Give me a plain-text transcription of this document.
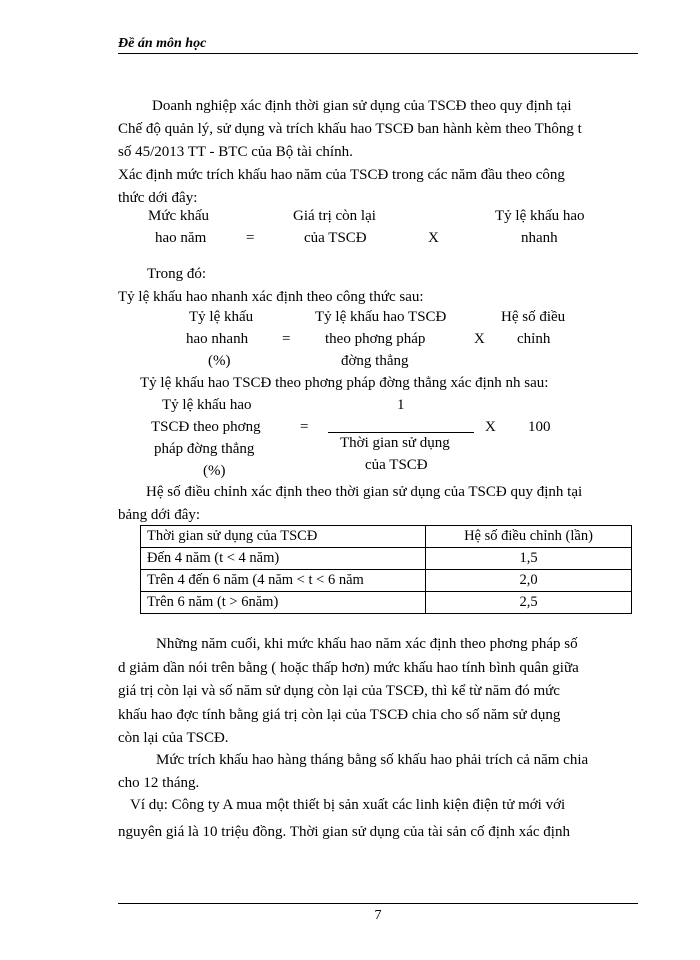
Đề án môn học

Doanh nghiệp xác định thời gian sử dụng của TSCĐ theo quy định tại

Chế độ quản lý, sử dụng và trích khấu hao TSCĐ ban hành kèm theo Thông t

số 45/2013 TT - BTC của Bộ tài chính.

Xác định mức trích khấu hao năm của TSCĐ trong các năm đầu theo công

thức dới đây:

Mức khấu
hao năm	=
Giá trị còn lại
của TSCĐ	X
Tỷ lệ khấu hao
nhanh
Trong đó:
Tỷ lệ khấu hao nhanh xác định theo công thức sau:
Tỷ lệ khấu
hao nhanh
(%)
=
Tỷ lệ khấu hao TSCĐ
theo phơng pháp
đờng thẳng
X
Hệ số điều
chỉnh
Tỷ lệ khấu hao TSCĐ theo phơng pháp đờng thẳng xác định nh sau:
Tỷ lệ khấu hao
TSCĐ theo phơng
pháp đờng thẳng
(%)
=
1
Thời gian sử dụng
của TSCĐ
X 100

Hệ số điều chỉnh xác định theo thời gian sử dụng của TSCĐ quy định tại

bảng dới đây:

Thời gian sử dụng của TSCĐ	Hệ số điều chỉnh (lần)
Đến 4 năm (t < 4 năm)	1,5
Trên 4 đến 6 năm (4 năm < t < 6 năm	2,0
Trên 6 năm (t > 6năm)	2,5

Những năm cuối, khi mức khấu hao năm xác định theo phơng pháp số

d giảm dần nói trên bằng ( hoặc thấp hơn) mức khấu hao tính bình quân giữa

giá trị còn lại và số năm sử dụng còn lại của TSCĐ, thì kể từ năm đó mức

khấu hao đợc tính bằng giá trị còn lại của TSCĐ chia cho số năm sử dụng

còn lại của TSCĐ.

Mức trích khấu hao hàng tháng bằng số khấu hao phải trích cả năm chia

cho 12 tháng.

Ví dụ: Công ty A mua một thiết bị sản xuất các linh kiện điện tử mới với

nguyên giá là 10 triệu đồng. Thời gian sử dụng của tài sản cố định xác định

7
